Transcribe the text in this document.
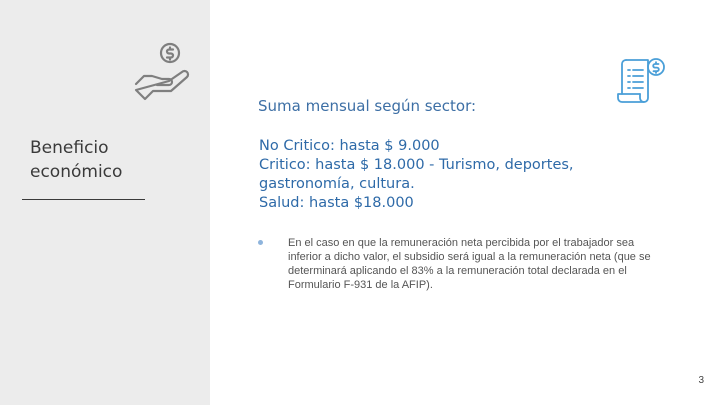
Beneficio
económico
Suma mensual según sector:
No Critico: hasta $ 9.000
Critico: hasta $ 18.000 - Turismo, deportes,
gastronomía, cultura.
Salud: hasta $18.000
En el caso en que la remuneración neta percibida por el trabajador sea inferior a dicho valor, el subsidio será igual a la remuneración neta (que se determinará aplicando el 83% a la remuneración total declarada en el Formulario F-931 de la AFIP).
3
